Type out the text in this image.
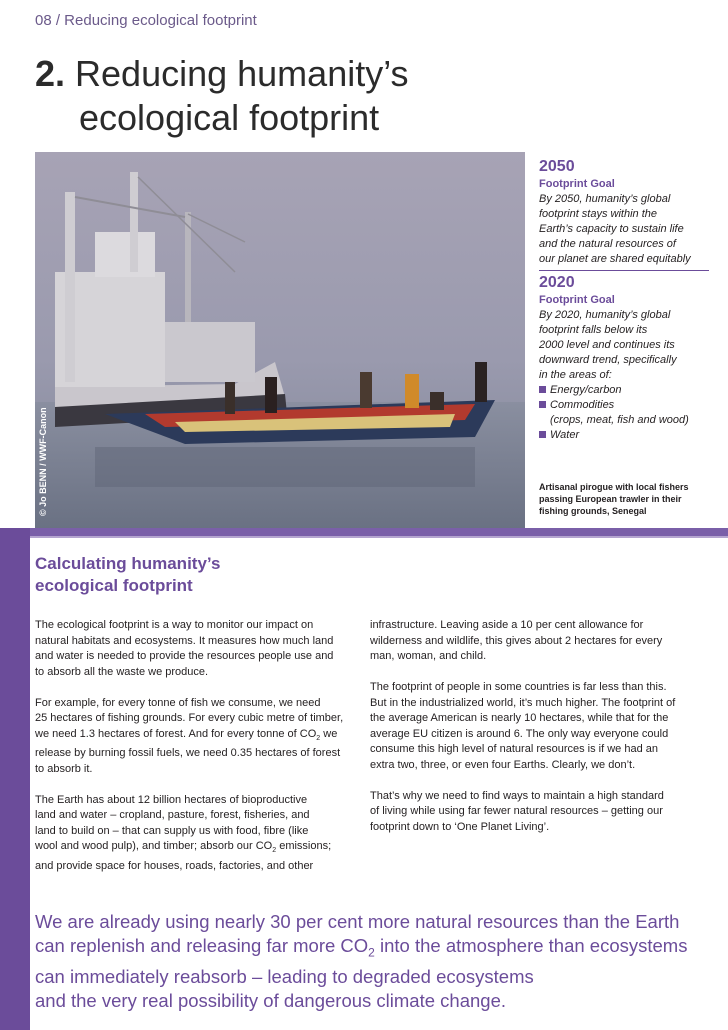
08 / Reducing ecological footprint
2. Reducing humanity’s
ecological footprint
© Jo BENN / WWF-Canon
2050
Footprint Goal
By 2050, humanity’s global
footprint stays within the
Earth’s capacity to sustain life
and the natural resources of
our planet are shared equitably
2020
Footprint Goal
By 2020, humanity’s global
footprint falls below its
2000 level and continues its
downward trend, specifically
in the areas of:
Energy/carbon
Commodities
(crops, meat, fish and wood)
Water
Artisanal pirogue with local fishers
passing European trawler in their
fishing grounds, Senegal
Calculating humanity’s
ecological footprint

The ecological footprint is a way to monitor our impact on
natural habitats and ecosystems. It measures how much land
and water is needed to provide the resources people use and
to absorb all the waste we produce.

For example, for every tonne of fish we consume, we need
25 hectares of fishing grounds. For every cubic metre of timber,
we need 1.3 hectares of forest. And for every tonne of $CO_2$ we
release by burning fossil fuels, we need 0.35 hectares of forest
to absorb it.

The Earth has about 12 billion hectares of bioproductive
land and water – cropland, pasture, forest, fisheries, and
land to build on – that can supply us with food, fibre (like
wool and wood pulp), and timber; absorb our $CO_2$ emissions;
and provide space for houses, roads, factories, and other

infrastructure. Leaving aside a 10 per cent allowance for
wilderness and wildlife, this gives about 2 hectares for every
man, woman, and child.

The footprint of people in some countries is far less than this.
But in the industrialized world, it’s much higher. The footprint of
the average American is nearly 10 hectares, while that for the
average EU citizen is around 6. The only way everyone could
consume this high level of natural resources is if we had an
extra two, three, or even four Earths. Clearly, we don’t.

That’s why we need to find ways to maintain a high standard
of living while using far fewer natural resources – getting our
footprint down to ‘One Planet Living’.

We are already using nearly 30 per cent more natural resources than the Earth
can replenish and releasing far more $CO_2$ into the atmosphere than ecosystems
can immediately reabsorb – leading to degraded ecosystems
and the very real possibility of dangerous climate change.
